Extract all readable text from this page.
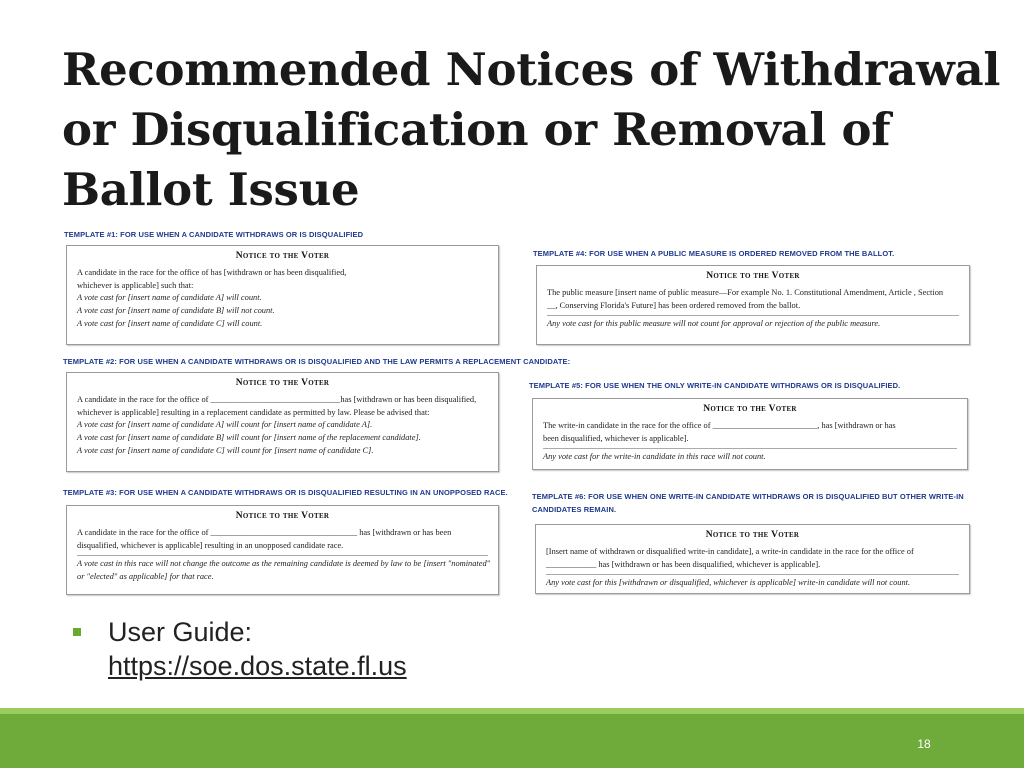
Recommended Notices of Withdrawal or Disqualification or Removal of Ballot Issue
TEMPLATE #1: FOR USE WHEN A CANDIDATE WITHDRAWS OR IS DISQUALIFIED
Notice to the Voter
A candidate in the race for the office of has [withdrawn or has been disqualified,
whichever is applicable] such that:
A vote cast for [insert name of candidate A] will count.
A vote cast for [insert name of candidate B] will not count.
A vote cast for [insert name of candidate C] will count.
TEMPLATE #2: FOR USE WHEN A CANDIDATE WITHDRAWS OR IS DISQUALIFIED AND THE LAW PERMITS A REPLACEMENT CANDIDATE:
Notice to the Voter
A candidate in the race for the office of _______________________________has [withdrawn or has been disqualified,
whichever is applicable] resulting in a replacement candidate as permitted by law. Please be advised that:
A vote cast for [insert name of candidate A] will count for [insert name of candidate A].
A vote cast for [insert name of candidate B] will count for [insert name of the replacement candidate].
A vote cast for [insert name of candidate C] will count for [insert name of candidate C].
TEMPLATE #3: FOR USE WHEN A CANDIDATE WITHDRAWS OR IS DISQUALIFIED RESULTING IN AN UNOPPOSED RACE.
Notice to the Voter
A candidate in the race for the office of ___________________________________ has [withdrawn or has been
disqualified, whichever is applicable] resulting in an unopposed candidate race.
A vote cast in this race will not change the outcome as the remaining candidate is deemed by law to be [insert "nominated"
or "elected" as applicable] for that race.
TEMPLATE #4: FOR USE WHEN A PUBLIC MEASURE IS ORDERED REMOVED FROM THE BALLOT.
Notice to the Voter
The public measure [insert name of public measure—For example No. 1. Constitutional Amendment, Article , Section
__, Conserving Florida's Future] has been ordered removed from the ballot.
Any vote cast for this public measure will not count for approval or rejection of the public measure.
TEMPLATE #5: FOR USE WHEN THE ONLY WRITE-IN CANDIDATE WITHDRAWS OR IS DISQUALIFIED.
Notice to the Voter
The write-in candidate in the race for the office of _________________________, has [withdrawn or has
been disqualified, whichever is applicable].
Any vote cast for the write-in candidate in this race will not count.
TEMPLATE #6: FOR USE WHEN ONE WRITE-IN CANDIDATE WITHDRAWS OR IS DISQUALIFIED BUT OTHER WRITE-IN CANDIDATES REMAIN.
Notice to the Voter
[Insert name of withdrawn or disqualified write-in candidate], a write-in candidate in the race for the office of
____________ has [withdrawn or has been disqualified, whichever is applicable].
Any vote cast for this [withdrawn or disqualified, whichever is applicable] write-in candidate will not count.
User Guide:
https://soe.dos.state.fl.us
18
